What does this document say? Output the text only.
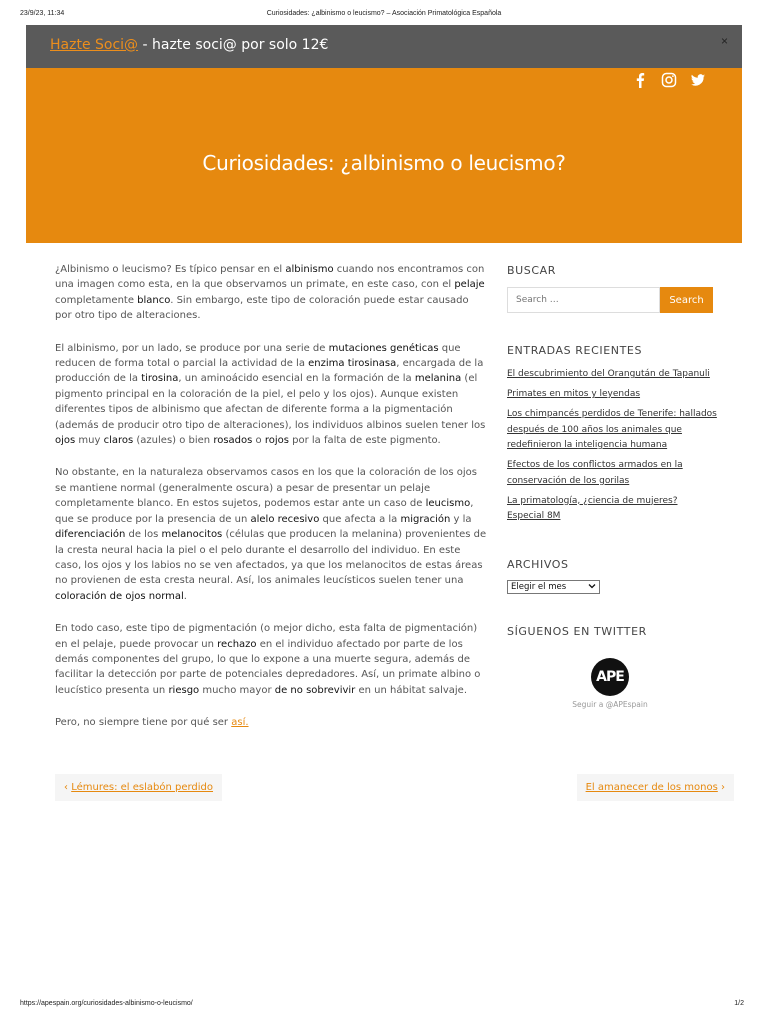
23/9/23, 11:34	Curiosidades: ¿albinismo o leucismo? – Asociación Primatológica Española
Hazte Soci@ - hazte soci@ por solo 12€	×
Curiosidades: ¿albinismo o leucismo?

¿Albinismo o leucismo? Es típico pensar en el albinismo cuando nos encontramos con una imagen como esta, en la que observamos un primate, en este caso, con el pelaje completamente blanco. Sin embargo, este tipo de coloración puede estar causado por otro tipo de alteraciones.

El albinismo, por un lado, se produce por una serie de mutaciones genéticas que reducen de forma total o parcial la actividad de la enzima tirosinasa, encargada de la producción de la tirosina, un aminoácido esencial en la formación de la melanina (el pigmento principal en la coloración de la piel, el pelo y los ojos). Aunque existen diferentes tipos de albinismo que afectan de diferente forma a la pigmentación (además de producir otro tipo de alteraciones), los individuos albinos suelen tener los ojos muy claros (azules) o bien rosados o rojos por la falta de este pigmento.

No obstante, en la naturaleza observamos casos en los que la coloración de los ojos se mantiene normal (generalmente oscura) a pesar de presentar un pelaje completamente blanco. En estos sujetos, podemos estar ante un caso de leucismo, que se produce por la presencia de un alelo recesivo que afecta a la migración y la diferenciación de los melanocitos (células que producen la melanina) provenientes de la cresta neural hacia la piel o el pelo durante el desarrollo del individuo. En este caso, los ojos y los labios no se ven afectados, ya que los melanocitos de estas áreas no provienen de esta cresta neural. Así, los animales leucísticos suelen tener una coloración de ojos normal.

En todo caso, este tipo de pigmentación (o mejor dicho, esta falta de pigmentación) en el pelaje, puede provocar un rechazo en el individuo afectado por parte de los demás componentes del grupo, lo que lo expone a una muerte segura, además de facilitar la detección por parte de potenciales depredadores. Así, un primate albino o leucístico presenta un riesgo mucho mayor de no sobrevivir en un hábitat salvaje.

Pero, no siempre tiene por qué ser así.

BUSCAR
Search …
Search
ENTRADAS RECIENTES
El descubrimiento del Orangután de Tapanuli
Primates en mitos y leyendas
Los chimpancés perdidos de Tenerife: hallados después de 100 años los animales que redefinieron la inteligencia humana
Efectos de los conflictos armados en la conservación de los gorilas
La primatología, ¿ciencia de mujeres? Especial 8M
ARCHIVOS
Elegir el mes
SÍGUENOS EN TWITTER
APE
Seguir a @APEspain
‹ Lémures: el eslabón perdido	El amanecer de los monos ›
https://apespain.org/curiosidades-albinismo-o-leucismo/	1/2
